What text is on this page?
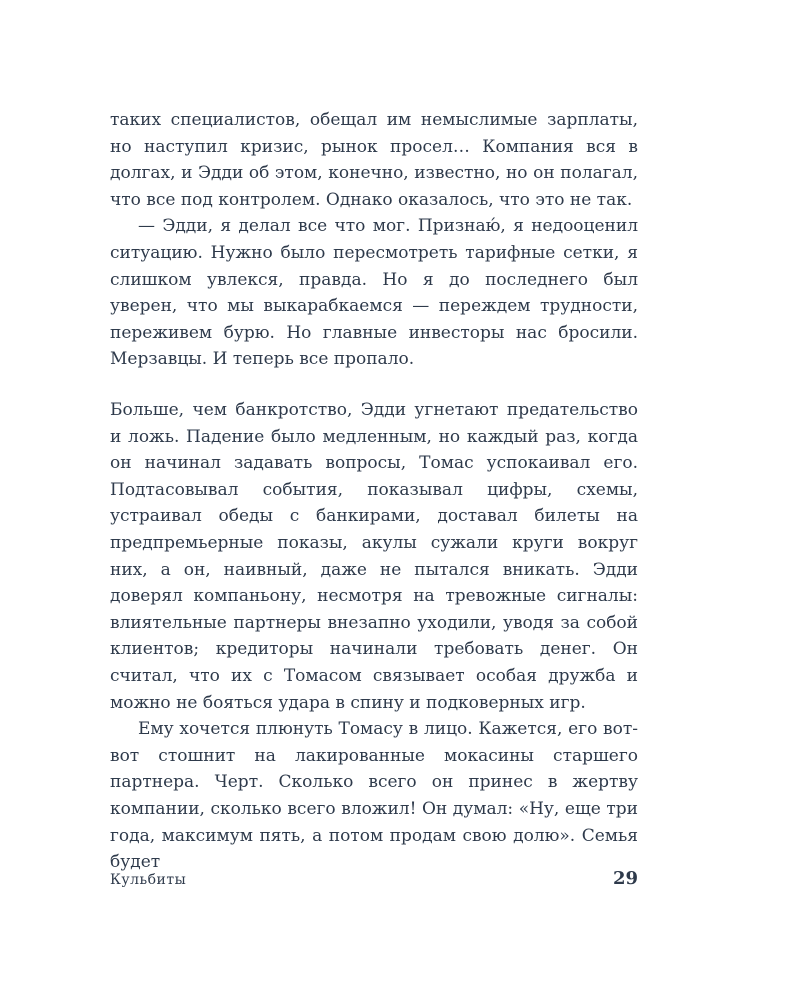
таких специалистов, обещал им немыслимые зарплаты, но наступил кризис, рынок просел… Компания вся в долгах, и Эдди об этом, конечно, известно, но он полагал, что все под контролем. Однако оказалось, что это не так.

— Эдди, я делал все что мог. Признаю́, я недооценил ситуацию. Нужно было пересмотреть тарифные сетки, я слишком увлекся, правда. Но я до последнего был уверен, что мы выкарабкаемся — переждем трудности, переживем бурю. Но главные инвесторы нас бросили. Мерзавцы. И теперь все пропало.

Больше, чем банкротство, Эдди угнетают предательство и ложь. Падение было медленным, но каждый раз, когда он начинал задавать вопросы, Томас успокаивал его. Подтасовывал события, показывал цифры, схемы, устраивал обеды с банкирами, доставал билеты на предпремьерные показы, акулы сужали круги вокруг них, а он, наивный, даже не пытался вникать. Эдди доверял компаньону, несмотря на тревожные сигналы: влиятельные партнеры внезапно уходили, уводя за собой клиентов; кредиторы начинали требовать денег. Он считал, что их с Томасом связывает особая дружба и можно не бояться удара в спину и подковерных игр.

Ему хочется плюнуть Томасу в лицо. Кажется, его вот-вот стошнит на лакированные мокасины старшего партнера. Черт. Сколько всего он принес в жертву компании, сколько всего вложил! Он думал: «Ну, еще три года, максимум пять, а потом продам свою долю». Семья будет

Кульбиты	29
